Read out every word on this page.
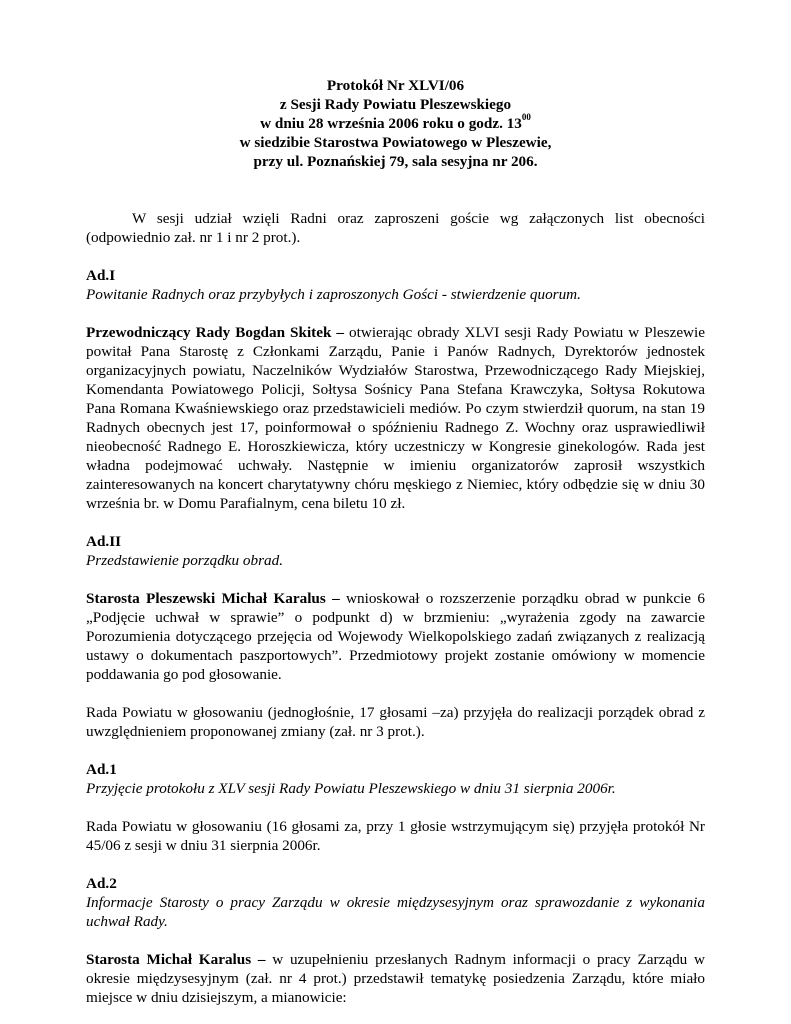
Protokół Nr XLVI/06
z Sesji Rady Powiatu Pleszewskiego
w dniu 28 września 2006 roku o godz. $13^{00}$
w siedzibie Starostwa Powiatowego w Pleszewie,
przy ul. Poznańskiej 79, sala sesyjna nr 206.

W sesji udział wzięli Radni oraz zaproszeni goście wg załączonych list obecności (odpowiednio zał. nr 1 i nr 2 prot.).

Ad.I
Powitanie Radnych oraz przybyłych i zaproszonych Gości - stwierdzenie quorum.

Przewodniczący Rady Bogdan Skitek – otwierając obrady XLVI sesji Rady Powiatu w Pleszewie powitał Pana Starostę z Członkami Zarządu, Panie i Panów Radnych, Dyrektorów jednostek organizacyjnych powiatu, Naczelników Wydziałów Starostwa, Przewodniczącego Rady Miejskiej, Komendanta Powiatowego Policji, Sołtysa Sośnicy Pana Stefana Krawczyka, Sołtysa Rokutowa Pana Romana Kwaśniewskiego oraz przedstawicieli mediów. Po czym stwierdził quorum, na stan 19 Radnych obecnych jest 17, poinformował o spóźnieniu Radnego Z. Wochny oraz usprawiedliwił nieobecność Radnego E. Horoszkiewicza, który uczestniczy w Kongresie ginekologów. Rada jest władna podejmować uchwały. Następnie w imieniu organizatorów zaprosił wszystkich zainteresowanych na koncert charytatywny chóru męskiego z Niemiec, który odbędzie się w dniu 30 września br. w Domu Parafialnym, cena biletu 10 zł.

Ad.II
Przedstawienie porządku obrad.

Starosta Pleszewski Michał Karalus – wnioskował o rozszerzenie porządku obrad w punkcie 6 „Podjęcie uchwał w sprawie” o podpunkt d) w brzmieniu: „wyrażenia zgody na zawarcie Porozumienia dotyczącego przejęcia od Wojewody Wielkopolskiego zadań związanych z realizacją ustawy o dokumentach paszportowych”. Przedmiotowy projekt zostanie omówiony w momencie poddawania go pod głosowanie.

Rada Powiatu w głosowaniu (jednogłośnie, 17 głosami –za) przyjęła do realizacji porządek obrad z uwzględnieniem proponowanej zmiany (zał. nr 3 prot.).

Ad.1
Przyjęcie protokołu z XLV sesji Rady Powiatu Pleszewskiego w dniu 31 sierpnia 2006r.

Rada Powiatu w głosowaniu (16 głosami za, przy 1 głosie wstrzymującym się) przyjęła protokół Nr 45/06 z sesji w dniu 31 sierpnia 2006r.

Ad.2

Informacje Starosty o pracy Zarządu w okresie międzysesyjnym oraz sprawozdanie z wykonania uchwał Rady.

Starosta Michał Karalus – w uzupełnieniu przesłanych Radnym informacji o pracy Zarządu w okresie międzysesyjnym (zał. nr 4 prot.) przedstawił tematykę posiedzenia Zarządu, które miało miejsce w dniu dzisiejszym, a mianowicie:
